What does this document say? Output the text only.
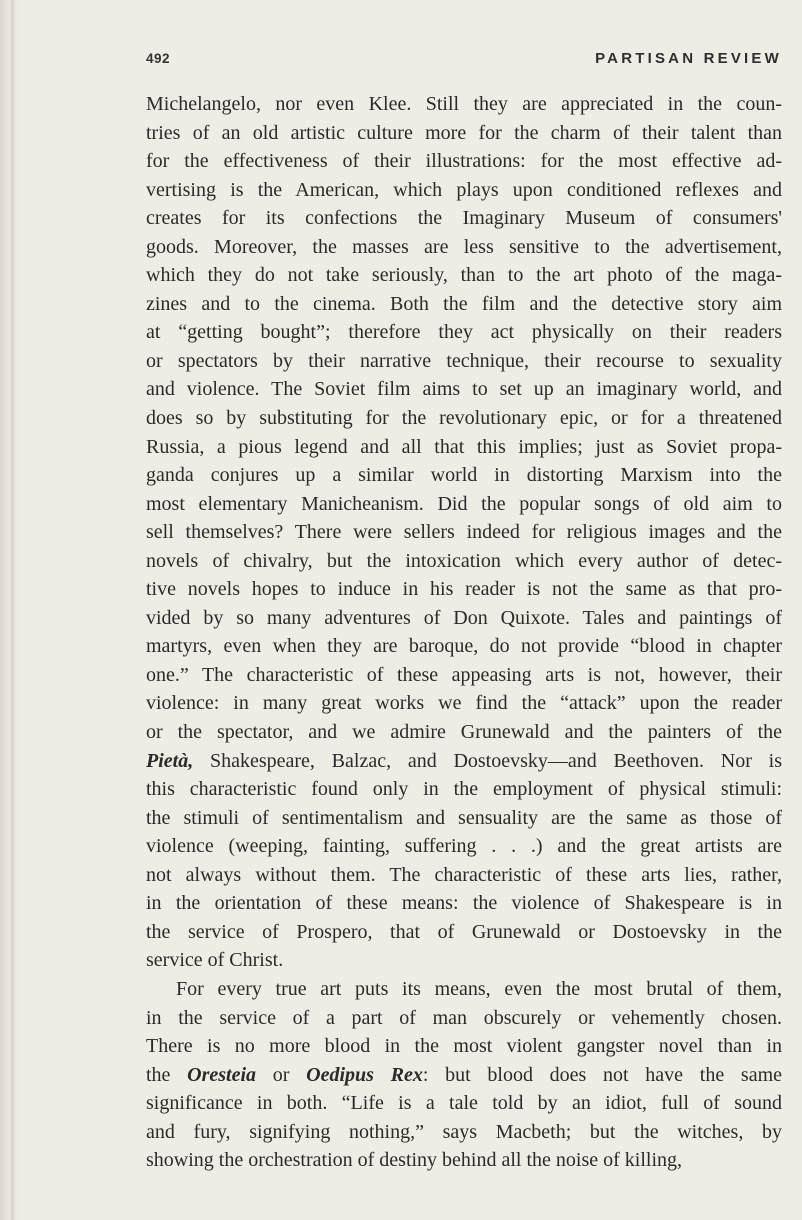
492	PARTISAN REVIEW
Michelangelo, nor even Klee. Still they are appreciated in the coun-
tries of an old artistic culture more for the charm of their talent than
for the effectiveness of their illustrations: for the most effective ad-
vertising is the American, which plays upon conditioned reflexes and
creates for its confections the Imaginary Museum of consumers'
goods. Moreover, the masses are less sensitive to the advertisement,
which they do not take seriously, than to the art photo of the maga-
zines and to the cinema. Both the film and the detective story aim
at “getting bought”; therefore they act physically on their readers
or spectators by their narrative technique, their recourse to sexuality
and violence. The Soviet film aims to set up an imaginary world, and
does so by substituting for the revolutionary epic, or for a threatened
Russia, a pious legend and all that this implies; just as Soviet propa-
ganda conjures up a similar world in distorting Marxism into the
most elementary Manicheanism. Did the popular songs of old aim to
sell themselves? There were sellers indeed for religious images and the
novels of chivalry, but the intoxication which every author of detec-
tive novels hopes to induce in his reader is not the same as that pro-
vided by so many adventures of Don Quixote. Tales and paintings of
martyrs, even when they are baroque, do not provide “blood in chapter
one.” The characteristic of these appeasing arts is not, however, their
violence: in many great works we find the “attack” upon the reader
or the spectator, and we admire Grunewald and the painters of the
Pietà, Shakespeare, Balzac, and Dostoevsky—and Beethoven. Nor is
this characteristic found only in the employment of physical stimuli:
the stimuli of sentimentalism and sensuality are the same as those of
violence (weeping, fainting, suffering . . .) and the great artists are
not always without them. The characteristic of these arts lies, rather,
in the orientation of these means: the violence of Shakespeare is in
the service of Prospero, that of Grunewald or Dostoevsky in the
service of Christ.
For every true art puts its means, even the most brutal of them,
in the service of a part of man obscurely or vehemently chosen.
There is no more blood in the most violent gangster novel than in
the Oresteia or Oedipus Rex: but blood does not have the same
significance in both. “Life is a tale told by an idiot, full of sound
and fury, signifying nothing,” says Macbeth; but the witches, by
showing the orchestration of destiny behind all the noise of killing,
